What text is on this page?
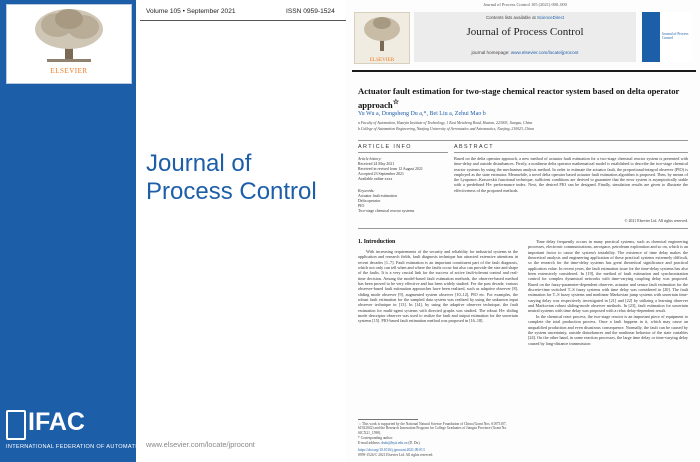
ELSEVIER
IFAC
INTERNATIONAL FEDERATION OF AUTOMATIC CONTROL
Volume 105 • September 2021	ISSN 0959-1524
Journal of
Process Control
www.elsevier.com/locate/jprocont
Journal of Process Control 105 (2021) 000–000
ELSEVIER
Contents lists available at ScienceDirect
Journal of Process Control
journal homepage: www.elsevier.com/locate/jprocont
Journal of Process Control
Actuator fault estimation for two-stage chemical reactor system based on delta operator approach☆
Yu Wu a, Dongsheng Du a,*, Bei Liu a, Zehui Mao b
a Faculty of Automation, Huaiyin Institute of Technology, 1 East Meicheng Road, Huaian, 223003, Jiangsu, China
b College of Automation Engineering, Nanjing University of Aeronautics and Astronautics, Nanjing, 210023, China
ARTICLE INFO	ABSTRACT
Article history:
Received 24 May 2021
Received in revised form 12 August 2021
Accepted 23 September 2021
Available online xxxx
Keywords:
Actuator fault estimation
Delta operator
PIO
Two-stage chemical reactor systems
Based on the delta operator approach, a new method of actuator fault estimation for a two-stage chemical reactor system is presented with time-delay and outside disturbances. Firstly, a nonlinear delta operator mathematical model is established to describe the two-stage chemical reactor systems by using the mechanism analysis method. In order to estimate the actuator fault, the proportional-integral observer (PIO) is employed as the state estimator. Meanwhile, a novel delta operator based actuator fault estimation algorithm is proposed. Then, by means of the Lyapunov–Krasovskii functional technique, sufficient conditions are derived to guarantee that the error system is asymptotically stable with a predefined H∞ performance index. Next, the desired PIO can be designed. Finally, simulation results are given to illustrate the effectiveness of the proposed methods.
© 2021 Elsevier Ltd. All rights reserved.
1. Introduction

With increasing requirements of the security and reliability for industrial systems in the application and research fields, fault diagnosis technique has attracted extensive attentions in recent decades [1–7]. Fault estimation is an important constituent part of the fault diagnosis, which not only can tell when and where the faults occur but also can provide the size and shape of the faults. It is a very crucial link for the success of active fault-tolerant control and real-time decision. Among the model-based fault estimation methods, the observer-based method has been proved to be very effective and has been widely studied. For the past decade, various observer-based fault estimation approaches have been realized, such as adaptive observer [8], sliding mode observer [9], augmented system observer [10–12], PIO etc. For examples, the robust fault estimation for the sampled data system was realized by using the unknown input observer technique in [13]. In [14], by using the adaptive observer technique, the fault estimation for multi-agent systems with directed graphs was studied. The robust H∞ sliding mode descriptor observer was used to realize the fault and output estimation for the uncertain systems [15]. PIO-based fault estimation method was proposed in [16–18].

Time delay frequently occurs in many practical systems, such as chemical engineering processes, electronic communications, aerospace, petroleum exploration and so on, which is an important factor to cause the system's instability. The existence of time delay makes the theoretical analysis and engineering application of these practical systems extremely difficult, so the research for the time-delay systems has great theoretical significance and practical application value. In recent years, the fault estimation issue for the time-delay systems has also been extensively considered. In [19], the method of fault estimation and synchronization control for complex dynamical networks with time-varying coupling delay was proposed. Based on the fuzzy-parameter-dependent observer, actuator and sensor fault estimation for the discrete-time switched T–S fuzzy systems with time delay was considered in [20]. The fault estimation for T–S fuzzy systems and nonlinear Markovian jump systems with uncertain time-varying delay was respectively investigated in [21] and [22] by utilizing a learning observer and Markovian robust sliding-mode observer methods. In [23], fault estimation for uncertain neutral systems with time delay was proposed with a relax delay-dependent result.

In the chemical react process, the two-stage reactor is an important piece of equipment to complete the total production process. Once a fault happens in it, which may cause an unqualified production and even disastrous consequence. Normally, the fault can be caused by the system uncertainty, outside disturbances and the nonlinear behavior of the state variables [24]. On the other hand, in some reaction processes, the large time delay or time-varying delay caused by long-distance transmission

☆ This work is supported by the National Natural Science Foundation of China (Grant Nos. 61873107, 61922042) and the Research Innovation Program for College Graduates of Jiangsu Province (Grant No. SJCX21_1598).
* Corresponding author.
E-mail address: dsdu@hyit.edu.cn (D. Du).
https://doi.org/10.1016/j.jprocont.2021.09.013
0959-1524/© 2021 Elsevier Ltd. All rights reserved.
